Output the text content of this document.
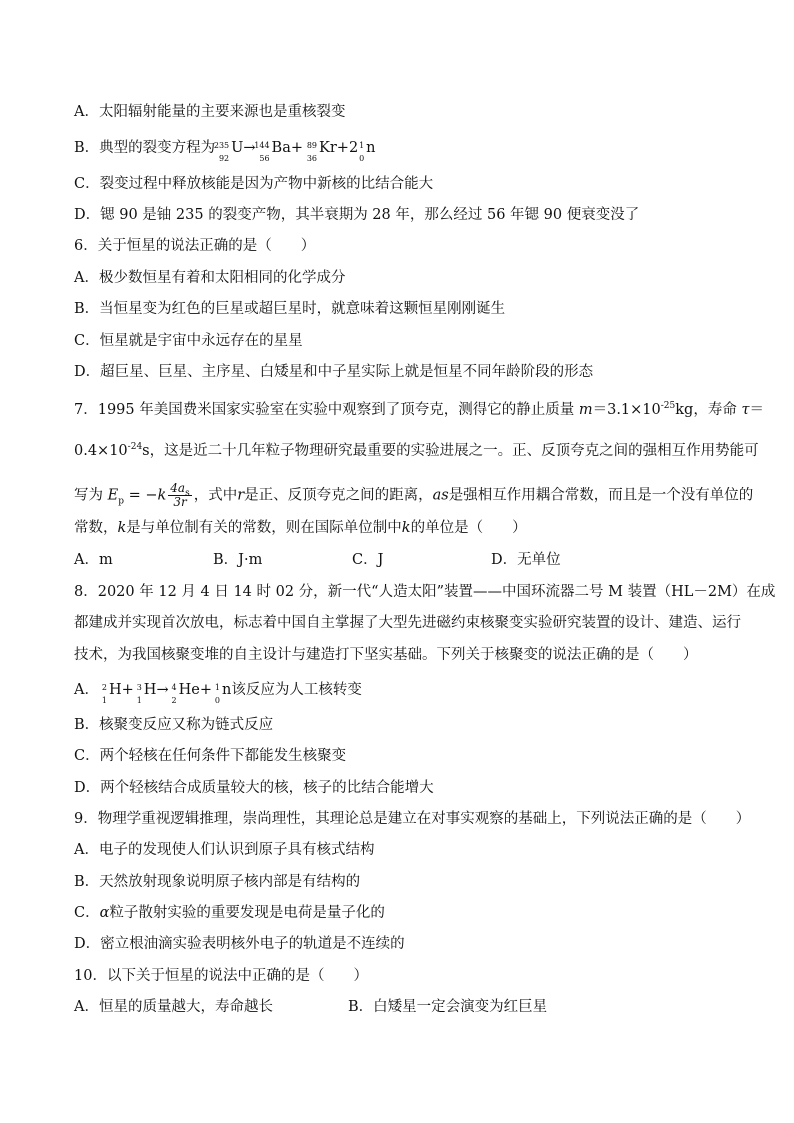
A．太阳辐射能量的主要来源也是重核裂变
B．典型的裂变方程为
235
92
U→
144
56
Ba+ 89
36
Kr+2 1
0
n
C．裂变过程中释放核能是因为产物中新核的比结合能大
D．锶 90 是铀 235 的裂变产物，其半衰期为 28 年，那么经过 56 年锶 90 便衰变没了
6．关于恒星的说法正确的是（　　）
A．极少数恒星有着和太阳相同的化学成分
B．当恒星变为红色的巨星或超巨星时，就意味着这颗恒星刚刚诞生
C．恒星就是宇宙中永远存在的星星
D．超巨星、巨星、主序星、白矮星和中子星实际上就是恒星不同年龄阶段的形态
7．1995 年美国费米国家实验室在实验中观察到了顶夸克，测得它的静止质量 $m=3.1\times 10^{-25}kg$，寿命 τ＝
$0.4\times 10^{-24}s$，这是近二十几年粒子物理研究最重要的实验进展之一。正、反顶夸克之间的强相互作用势能可
写为 $E_p = -k \frac{4a_s}{3r}$ ，式中r是正、反顶夸克之间的距离，as是强相互作用耦合常数，而且是一个没有单位的
常数，k是与单位制有关的常数，则在国际单位制中k的单位是（　　）
A．m	B．J·m	C．J	D．无单位
8．2020 年 12 月 4 日 14 时 02 分，新一代“人造太阳”装置——中国环流器二号 M 装置（HL－2M）在成
都建成并实现首次放电，标志着中国自主掌握了大型先进磁约束核聚变实验研究装置的设计、建造、运行
技术，为我国核聚变堆的自主设计与建造打下坚实基础。下列关于核聚变的说法正确的是（　　）
A． 2
1
H+ 3
1
H→ 4
2
He+ 1
0
n该反应为人工核转变
B．核聚变反应又称为链式反应
C．两个轻核在任何条件下都能发生核聚变
D．两个轻核结合成质量较大的核，核子的比结合能增大
9．物理学重视逻辑推理，崇尚理性，其理论总是建立在对事实观察的基础上，下列说法正确的是（　　）
A．电子的发现使人们认识到原子具有核式结构
B．天然放射现象说明原子核内部是有结构的
C．α粒子散射实验的重要发现是电荷是量子化的
D．密立根油滴实验表明核外电子的轨道是不连续的
10．以下关于恒星的说法中正确的是（　　）
A．恒星的质量越大，寿命越长	B．白矮星一定会演变为红巨星
